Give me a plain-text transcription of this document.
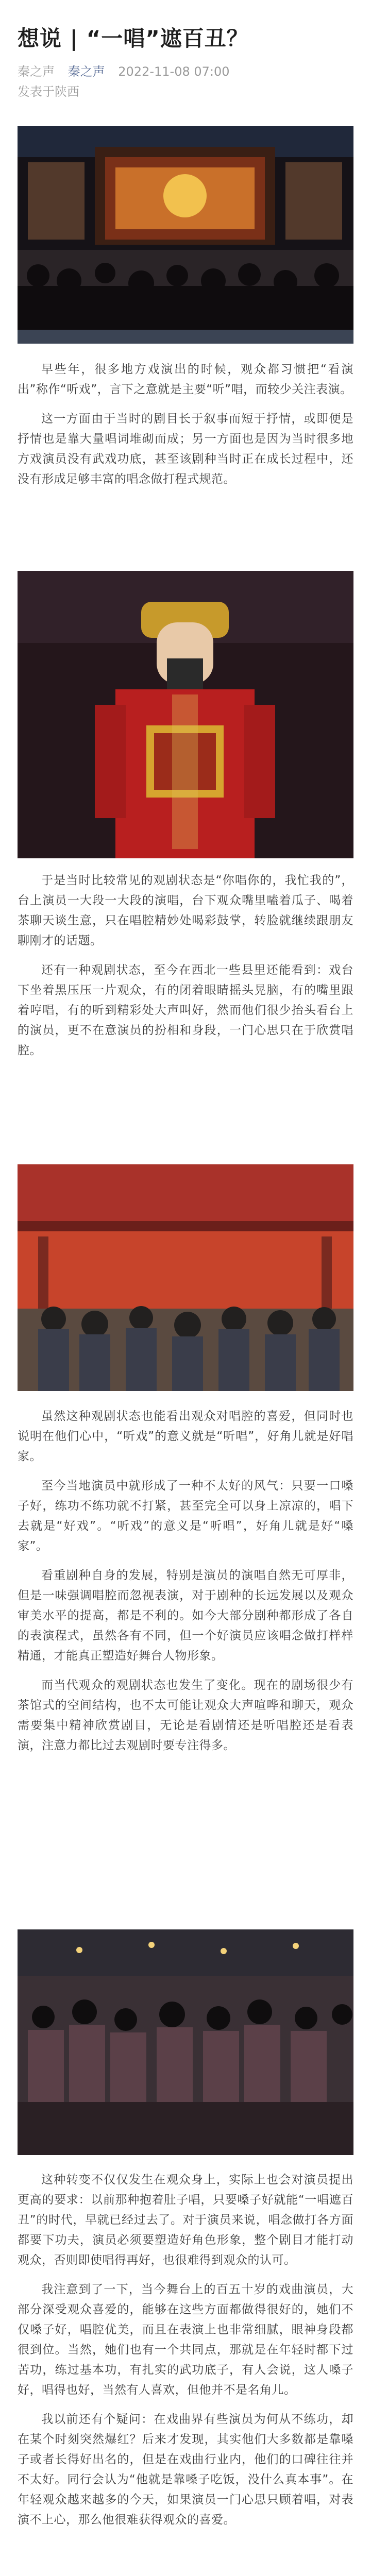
想说 | “一唱”遮百丑？
秦之声 秦之声 2022-11-08 07:00
发表于陕西

早些年，很多地方戏演出的时候，观众都习惯把“看演出”称作“听戏”，言下之意就是主要“听”唱，而较少关注表演。

这一方面由于当时的剧目长于叙事而短于抒情，或即便是抒情也是靠大量唱词堆砌而成；另一方面也是因为当时很多地方戏演员没有武戏功底，甚至该剧种当时正在成长过程中，还没有形成足够丰富的唱念做打程式规范。

于是当时比较常见的观剧状态是“你唱你的，我忙我的”，台上演员一大段一大段的演唱，台下观众嘴里嗑着瓜子、喝着茶聊天谈生意，只在唱腔精妙处喝彩鼓掌，转脸就继续跟朋友聊刚才的话题。

还有一种观剧状态，至今在西北一些县里还能看到：戏台下坐着黑压压一片观众，有的闭着眼睛摇头晃脑，有的嘴里跟着哼唱，有的听到精彩处大声叫好，然而他们很少抬头看台上的演员，更不在意演员的扮相和身段，一门心思只在于欣赏唱腔。

虽然这种观剧状态也能看出观众对唱腔的喜爱，但同时也说明在他们心中，“听戏”的意义就是“听唱”，好角儿就是好唱家。

至今当地演员中就形成了一种不太好的风气：只要一口嗓子好，练功不练功就不打紧，甚至完全可以身上凉凉的，唱下去就是“好戏”。“听戏”的意义是“听唱”，好角儿就是好“嗓家”。

看重剧种自身的发展，特别是演员的演唱自然无可厚非，但是一味强调唱腔而忽视表演，对于剧种的长远发展以及观众审美水平的提高，都是不利的。如今大部分剧种都形成了各自的表演程式，虽然各有不同，但一个好演员应该唱念做打样样精通，才能真正塑造好舞台人物形象。

而当代观众的观剧状态也发生了变化。现在的剧场很少有茶馆式的空间结构，也不太可能让观众大声喧哗和聊天，观众需要集中精神欣赏剧目，无论是看剧情还是听唱腔还是看表演，注意力都比过去观剧时要专注得多。

这种转变不仅仅发生在观众身上，实际上也会对演员提出更高的要求：以前那种抱着肚子唱，只要嗓子好就能“一唱遮百丑”的时代，早就已经过去了。对于演员来说，唱念做打各方面都要下功夫，演员必须要塑造好角色形象，整个剧目才能打动观众，否则即使唱得再好，也很难得到观众的认可。

我注意到了一下，当今舞台上的百五十岁的戏曲演员，大部分深受观众喜爱的，能够在这些方面都做得很好的，她们不仅嗓子好，唱腔优美，而且在表演上也非常细腻，眼神身段都很到位。当然，她们也有一个共同点，那就是在年轻时都下过苦功，练过基本功，有扎实的武功底子，有人会说，这人嗓子好，唱得也好，当然有人喜欢，但他并不是名角儿。

我以前还有个疑问：在戏曲界有些演员为何从不练功，却在某个时刻突然爆红？后来才发现，其实他们大多数都是靠嗓子或者长得好出名的，但是在戏曲行业内，他们的口碑往往并不太好。同行会认为“他就是靠嗓子吃饭，没什么真本事”。在年轻观众越来越多的今天，如果演员一门心思只顾着唱，对表演不上心，那么他很难获得观众的喜爱。
